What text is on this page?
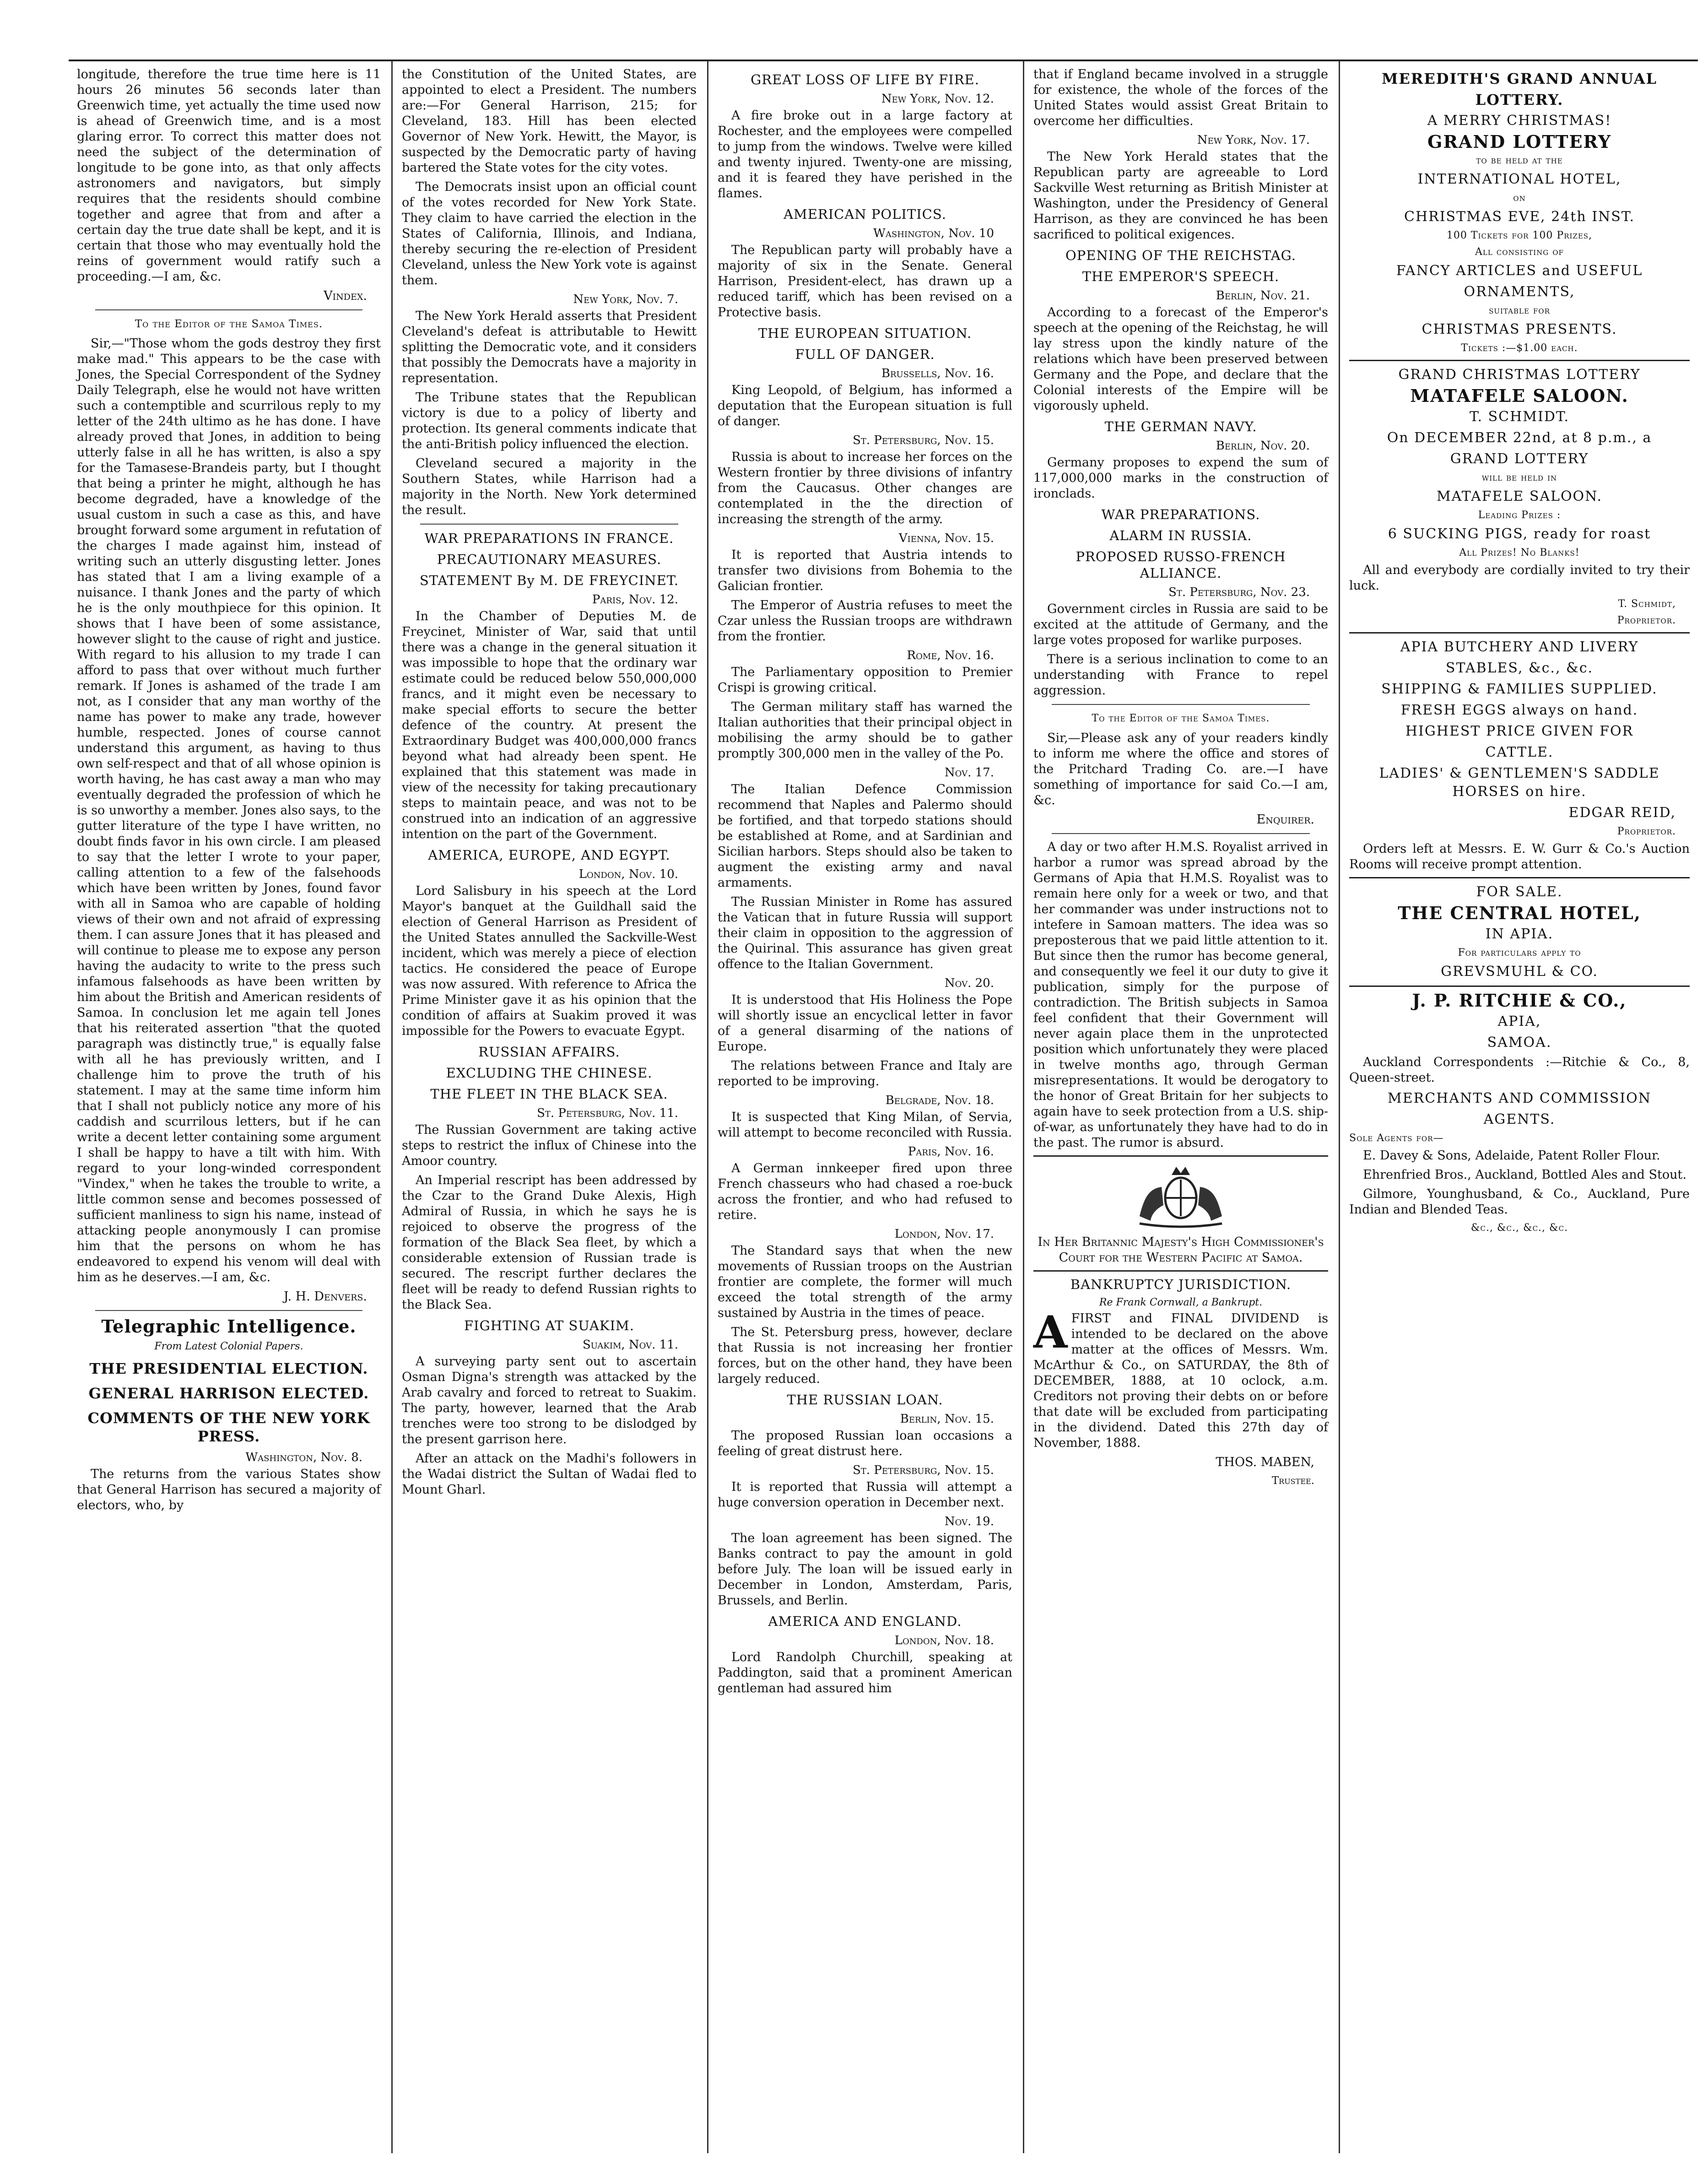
longitude, therefore the true time here is 11 hours 26 minutes 56 seconds later than Greenwich time, yet actually the time used now is ahead of Greenwich time, and is a most glaring error. To correct this matter does not need the subject of the determination of longitude to be gone into, as that only affects astronomers and navigators, but simply requires that the residents should combine together and agree that from and after a certain day the true date shall be kept, and it is certain that those who may eventually hold the reins of government would ratify such a proceeding.—I am, &c.

Vindex.
To the Editor of the Samoa Times.

Sir,—"Those whom the gods destroy they first make mad." This appears to be the case with Jones, the Special Correspondent of the Sydney Daily Telegraph, else he would not have written such a contemptible and scurrilous reply to my letter of the 24th ultimo as he has done. I have already proved that Jones, in addition to being utterly false in all he has written, is also a spy for the Tamasese-Brandeis party, but I thought that being a printer he might, although he has become degraded, have a knowledge of the usual custom in such a case as this, and have brought forward some argument in refutation of the charges I made against him, instead of writing such an utterly disgusting letter. Jones has stated that I am a living example of a nuisance. I thank Jones and the party of which he is the only mouthpiece for this opinion. It shows that I have been of some assistance, however slight to the cause of right and justice. With regard to his allusion to my trade I can afford to pass that over without much further remark. If Jones is ashamed of the trade I am not, as I consider that any man worthy of the name has power to make any trade, however humble, respected. Jones of course cannot understand this argument, as having to thus own self-respect and that of all whose opinion is worth having, he has cast away a man who may eventually degraded the profession of which he is so unworthy a member. Jones also says, to the gutter literature of the type I have written, no doubt finds favor in his own circle. I am pleased to say that the letter I wrote to your paper, calling attention to a few of the falsehoods which have been written by Jones, found favor with all in Samoa who are capable of holding views of their own and not afraid of expressing them. I can assure Jones that it has pleased and will continue to please me to expose any person having the audacity to write to the press such infamous falsehoods as have been written by him about the British and American residents of Samoa. In conclusion let me again tell Jones that his reiterated assertion "that the quoted paragraph was distinctly true," is equally false with all he has previously written, and I challenge him to prove the truth of his statement. I may at the same time inform him that I shall not publicly notice any more of his caddish and scurrilous letters, but if he can write a decent letter containing some argument I shall be happy to have a tilt with him. With regard to your long-winded correspondent "Vindex," when he takes the trouble to write, a little common sense and becomes possessed of sufficient manliness to sign his name, instead of attacking people anonymously I can promise him that the persons on whom he has endeavored to expend his venom will deal with him as he deserves.—I am, &c.

J. H. Denvers.
Telegraphic Intelligence.
From Latest Colonial Papers.
THE PRESIDENTIAL ELECTION.
GENERAL HARRISON ELECTED.
COMMENTS OF THE NEW YORK PRESS.
Washington, Nov. 8.

The returns from the various States show that General Harrison has secured a majority of electors, who, by

the Constitution of the United States, are appointed to elect a President. The numbers are:—For General Harrison, 215; for Cleveland, 183. Hill has been elected Governor of New York. Hewitt, the Mayor, is suspected by the Democratic party of having bartered the State votes for the city votes.

The Democrats insist upon an official count of the votes recorded for New York State. They claim to have carried the election in the States of California, Illinois, and Indiana, thereby securing the re-election of President Cleveland, unless the New York vote is against them.

New York, Nov. 7.

The New York Herald asserts that President Cleveland's defeat is attributable to Hewitt splitting the Democratic vote, and it considers that possibly the Democrats have a majority in representation.

The Tribune states that the Republican victory is due to a policy of liberty and protection. Its general comments indicate that the anti-British policy influenced the election.

Cleveland secured a majority in the Southern States, while Harrison had a majority in the North. New York determined the result.

WAR PREPARATIONS IN FRANCE.
PRECAUTIONARY MEASURES.
STATEMENT By M. DE FREYCINET.
Paris, Nov. 12.

In the Chamber of Deputies M. de Freycinet, Minister of War, said that until there was a change in the general situation it was impossible to hope that the ordinary war estimate could be reduced below 550,000,000 francs, and it might even be necessary to make special efforts to secure the better defence of the country. At present the Extraordinary Budget was 400,000,000 francs beyond what had already been spent. He explained that this statement was made in view of the necessity for taking precautionary steps to maintain peace, and was not to be construed into an indication of an aggressive intention on the part of the Government.

AMERICA, EUROPE, AND EGYPT.
London, Nov. 10.

Lord Salisbury in his speech at the Lord Mayor's banquet at the Guildhall said the election of General Harrison as President of the United States annulled the Sackville-West incident, which was merely a piece of election tactics. He considered the peace of Europe was now assured. With reference to Africa the Prime Minister gave it as his opinion that the condition of affairs at Suakim proved it was impossible for the Powers to evacuate Egypt.

RUSSIAN AFFAIRS.
EXCLUDING THE CHINESE.
THE FLEET IN THE BLACK SEA.
St. Petersburg, Nov. 11.

The Russian Government are taking active steps to restrict the influx of Chinese into the Amoor country.

An Imperial rescript has been addressed by the Czar to the Grand Duke Alexis, High Admiral of Russia, in which he says he is rejoiced to observe the progress of the formation of the Black Sea fleet, by which a considerable extension of Russian trade is secured. The rescript further declares the fleet will be ready to defend Russian rights to the Black Sea.

FIGHTING AT SUAKIM.
Suakim, Nov. 11.

A surveying party sent out to ascertain Osman Digna's strength was attacked by the Arab cavalry and forced to retreat to Suakim. The party, however, learned that the Arab trenches were too strong to be dislodged by the present garrison here.

After an attack on the Madhi's followers in the Wadai district the Sultan of Wadai fled to Mount Gharl.

GREAT LOSS OF LIFE BY FIRE.
New York, Nov. 12.

A fire broke out in a large factory at Rochester, and the employees were compelled to jump from the windows. Twelve were killed and twenty injured. Twenty-one are missing, and it is feared they have perished in the flames.

AMERICAN POLITICS.
Washington, Nov. 10

The Republican party will probably have a majority of six in the Senate. General Harrison, President-elect, has drawn up a reduced tariff, which has been revised on a Protective basis.

THE EUROPEAN SITUATION.
FULL OF DANGER.
Brussells, Nov. 16.

King Leopold, of Belgium, has informed a deputation that the European situation is full of danger.

St. Petersburg, Nov. 15.

Russia is about to increase her forces on the Western frontier by three divisions of infantry from the Caucasus. Other changes are contemplated in the the direction of increasing the strength of the army.

Vienna, Nov. 15.

It is reported that Austria intends to transfer two divisions from Bohemia to the Galician frontier.

The Emperor of Austria refuses to meet the Czar unless the Russian troops are withdrawn from the frontier.

Rome, Nov. 16.

The Parliamentary opposition to Premier Crispi is growing critical.

The German military staff has warned the Italian authorities that their principal object in mobilising the army should be to gather promptly 300,000 men in the valley of the Po.

Nov. 17.

The Italian Defence Commission recommend that Naples and Palermo should be fortified, and that torpedo stations should be established at Rome, and at Sardinian and Sicilian harbors. Steps should also be taken to augment the existing army and naval armaments.

The Russian Minister in Rome has assured the Vatican that in future Russia will support their claim in opposition to the aggression of the Quirinal. This assurance has given great offence to the Italian Government.

Nov. 20.

It is understood that His Holiness the Pope will shortly issue an encyclical letter in favor of a general disarming of the nations of Europe.

The relations between France and Italy are reported to be improving.

Belgrade, Nov. 18.

It is suspected that King Milan, of Servia, will attempt to become reconciled with Russia.

Paris, Nov. 16.

A German innkeeper fired upon three French chasseurs who had chased a roe-buck across the frontier, and who had refused to retire.

London, Nov. 17.

The Standard says that when the new movements of Russian troops on the Austrian frontier are complete, the former will much exceed the total strength of the army sustained by Austria in the times of peace.

The St. Petersburg press, however, declare that Russia is not increasing her frontier forces, but on the other hand, they have been largely reduced.

THE RUSSIAN LOAN.
Berlin, Nov. 15.

The proposed Russian loan occasions a feeling of great distrust here.

St. Petersburg, Nov. 15.

It is reported that Russia will attempt a huge conversion operation in December next.

Nov. 19.

The loan agreement has been signed. The Banks contract to pay the amount in gold before July. The loan will be issued early in December in London, Amsterdam, Paris, Brussels, and Berlin.

AMERICA AND ENGLAND.
London, Nov. 18.

Lord Randolph Churchill, speaking at Paddington, said that a prominent American gentleman had assured him

that if England became involved in a struggle for existence, the whole of the forces of the United States would assist Great Britain to overcome her difficulties.

New York, Nov. 17.

The New York Herald states that the Republican party are agreeable to Lord Sackville West returning as British Minister at Washington, under the Presidency of General Harrison, as they are convinced he has been sacrificed to political exigences.

OPENING OF THE REICHSTAG.
THE EMPEROR'S SPEECH.
Berlin, Nov. 21.

According to a forecast of the Emperor's speech at the opening of the Reichstag, he will lay stress upon the kindly nature of the relations which have been preserved between Germany and the Pope, and declare that the Colonial interests of the Empire will be vigorously upheld.

THE GERMAN NAVY.
Berlin, Nov. 20.

Germany proposes to expend the sum of 117,000,000 marks in the construction of ironclads.

WAR PREPARATIONS.
ALARM IN RUSSIA.
PROPOSED RUSSO-FRENCH ALLIANCE.
St. Petersburg, Nov. 23.

Government circles in Russia are said to be excited at the attitude of Germany, and the large votes proposed for warlike purposes.

There is a serious inclination to come to an understanding with France to repel aggression.

To the Editor of the Samoa Times.

Sir,—Please ask any of your readers kindly to inform me where the office and stores of the Pritchard Trading Co. are.—I have something of importance for said Co.—I am, &c.

Enquirer.

A day or two after H.M.S. Royalist arrived in harbor a rumor was spread abroad by the Germans of Apia that H.M.S. Royalist was to remain here only for a week or two, and that her commander was under instructions not to intefere in Samoan matters. The idea was so preposterous that we paid little attention to it. But since then the rumor has become general, and consequently we feel it our duty to give it publication, simply for the purpose of contradiction. The British subjects in Samoa feel confident that their Government will never again place them in the unprotected position which unfortunately they were placed in twelve months ago, through German misrepresentations. It would be derogatory to the honor of Great Britain for her subjects to again have to seek protection from a U.S. ship-of-war, as unfortunately they have had to do in the past. The rumor is absurd.

In Her Britannic Majesty's High Commissioner's Court for the Western Pacific at Samoa.

BANKRUPTCY JURISDICTION.
Re Frank Cornwall, a Bankrupt.

AFIRST and FINAL DIVIDEND is intended to be declared on the above matter at the offices of Messrs. Wm. McArthur & Co., on SATURDAY, the 8th of DECEMBER, 1888, at 10 oclock, a.m. Creditors not proving their debts on or before that date will be excluded from participating in the dividend. Dated this 27th day of November, 1888.

THOS. MABEN,
Trustee.
MEREDITH'S GRAND ANNUAL
LOTTERY.
A MERRY CHRISTMAS!
GRAND LOTTERY
to be held at the
INTERNATIONAL HOTEL,
on
CHRISTMAS EVE, 24th INST.
100 Tickets for 100 Prizes,
All consisting of
FANCY ARTICLES and USEFUL
ORNAMENTS,
suitable for
CHRISTMAS PRESENTS.
Tickets :—$1.00 each.
GRAND CHRISTMAS LOTTERY
MATAFELE SALOON.
T. SCHMIDT.
On DECEMBER 22nd, at 8 p.m., a
GRAND LOTTERY
will be held in
MATAFELE SALOON.
Leading Prizes :
6 SUCKING PIGS, ready for roast
All Prizes! No Blanks!

All and everybody are cordially invited to try their luck.

T. Schmidt,
Proprietor.
APIA BUTCHERY AND LIVERY
STABLES, &c., &c.
SHIPPING & FAMILIES SUPPLIED.
FRESH EGGS always on hand.
HIGHEST PRICE GIVEN FOR
CATTLE.
LADIES' & GENTLEMEN'S SADDLE HORSES on hire.
EDGAR REID,
Proprietor.

Orders left at Messrs. E. W. Gurr & Co.'s Auction Rooms will receive prompt attention.

FOR SALE.
THE CENTRAL HOTEL,
IN APIA.
For particulars apply to
GREVSMUHL & CO.
J. P. RITCHIE & CO.,
APIA,
SAMOA.

Auckland Correspondents :—Ritchie & Co., 8, Queen-street.

MERCHANTS AND COMMISSION
AGENTS.
Sole Agents for—

E. Davey & Sons, Adelaide, Patent Roller Flour.

Ehrenfried Bros., Auckland, Bottled Ales and Stout.

Gilmore, Younghusband, & Co., Auckland, Pure Indian and Blended Teas.

&c., &c., &c., &c.
